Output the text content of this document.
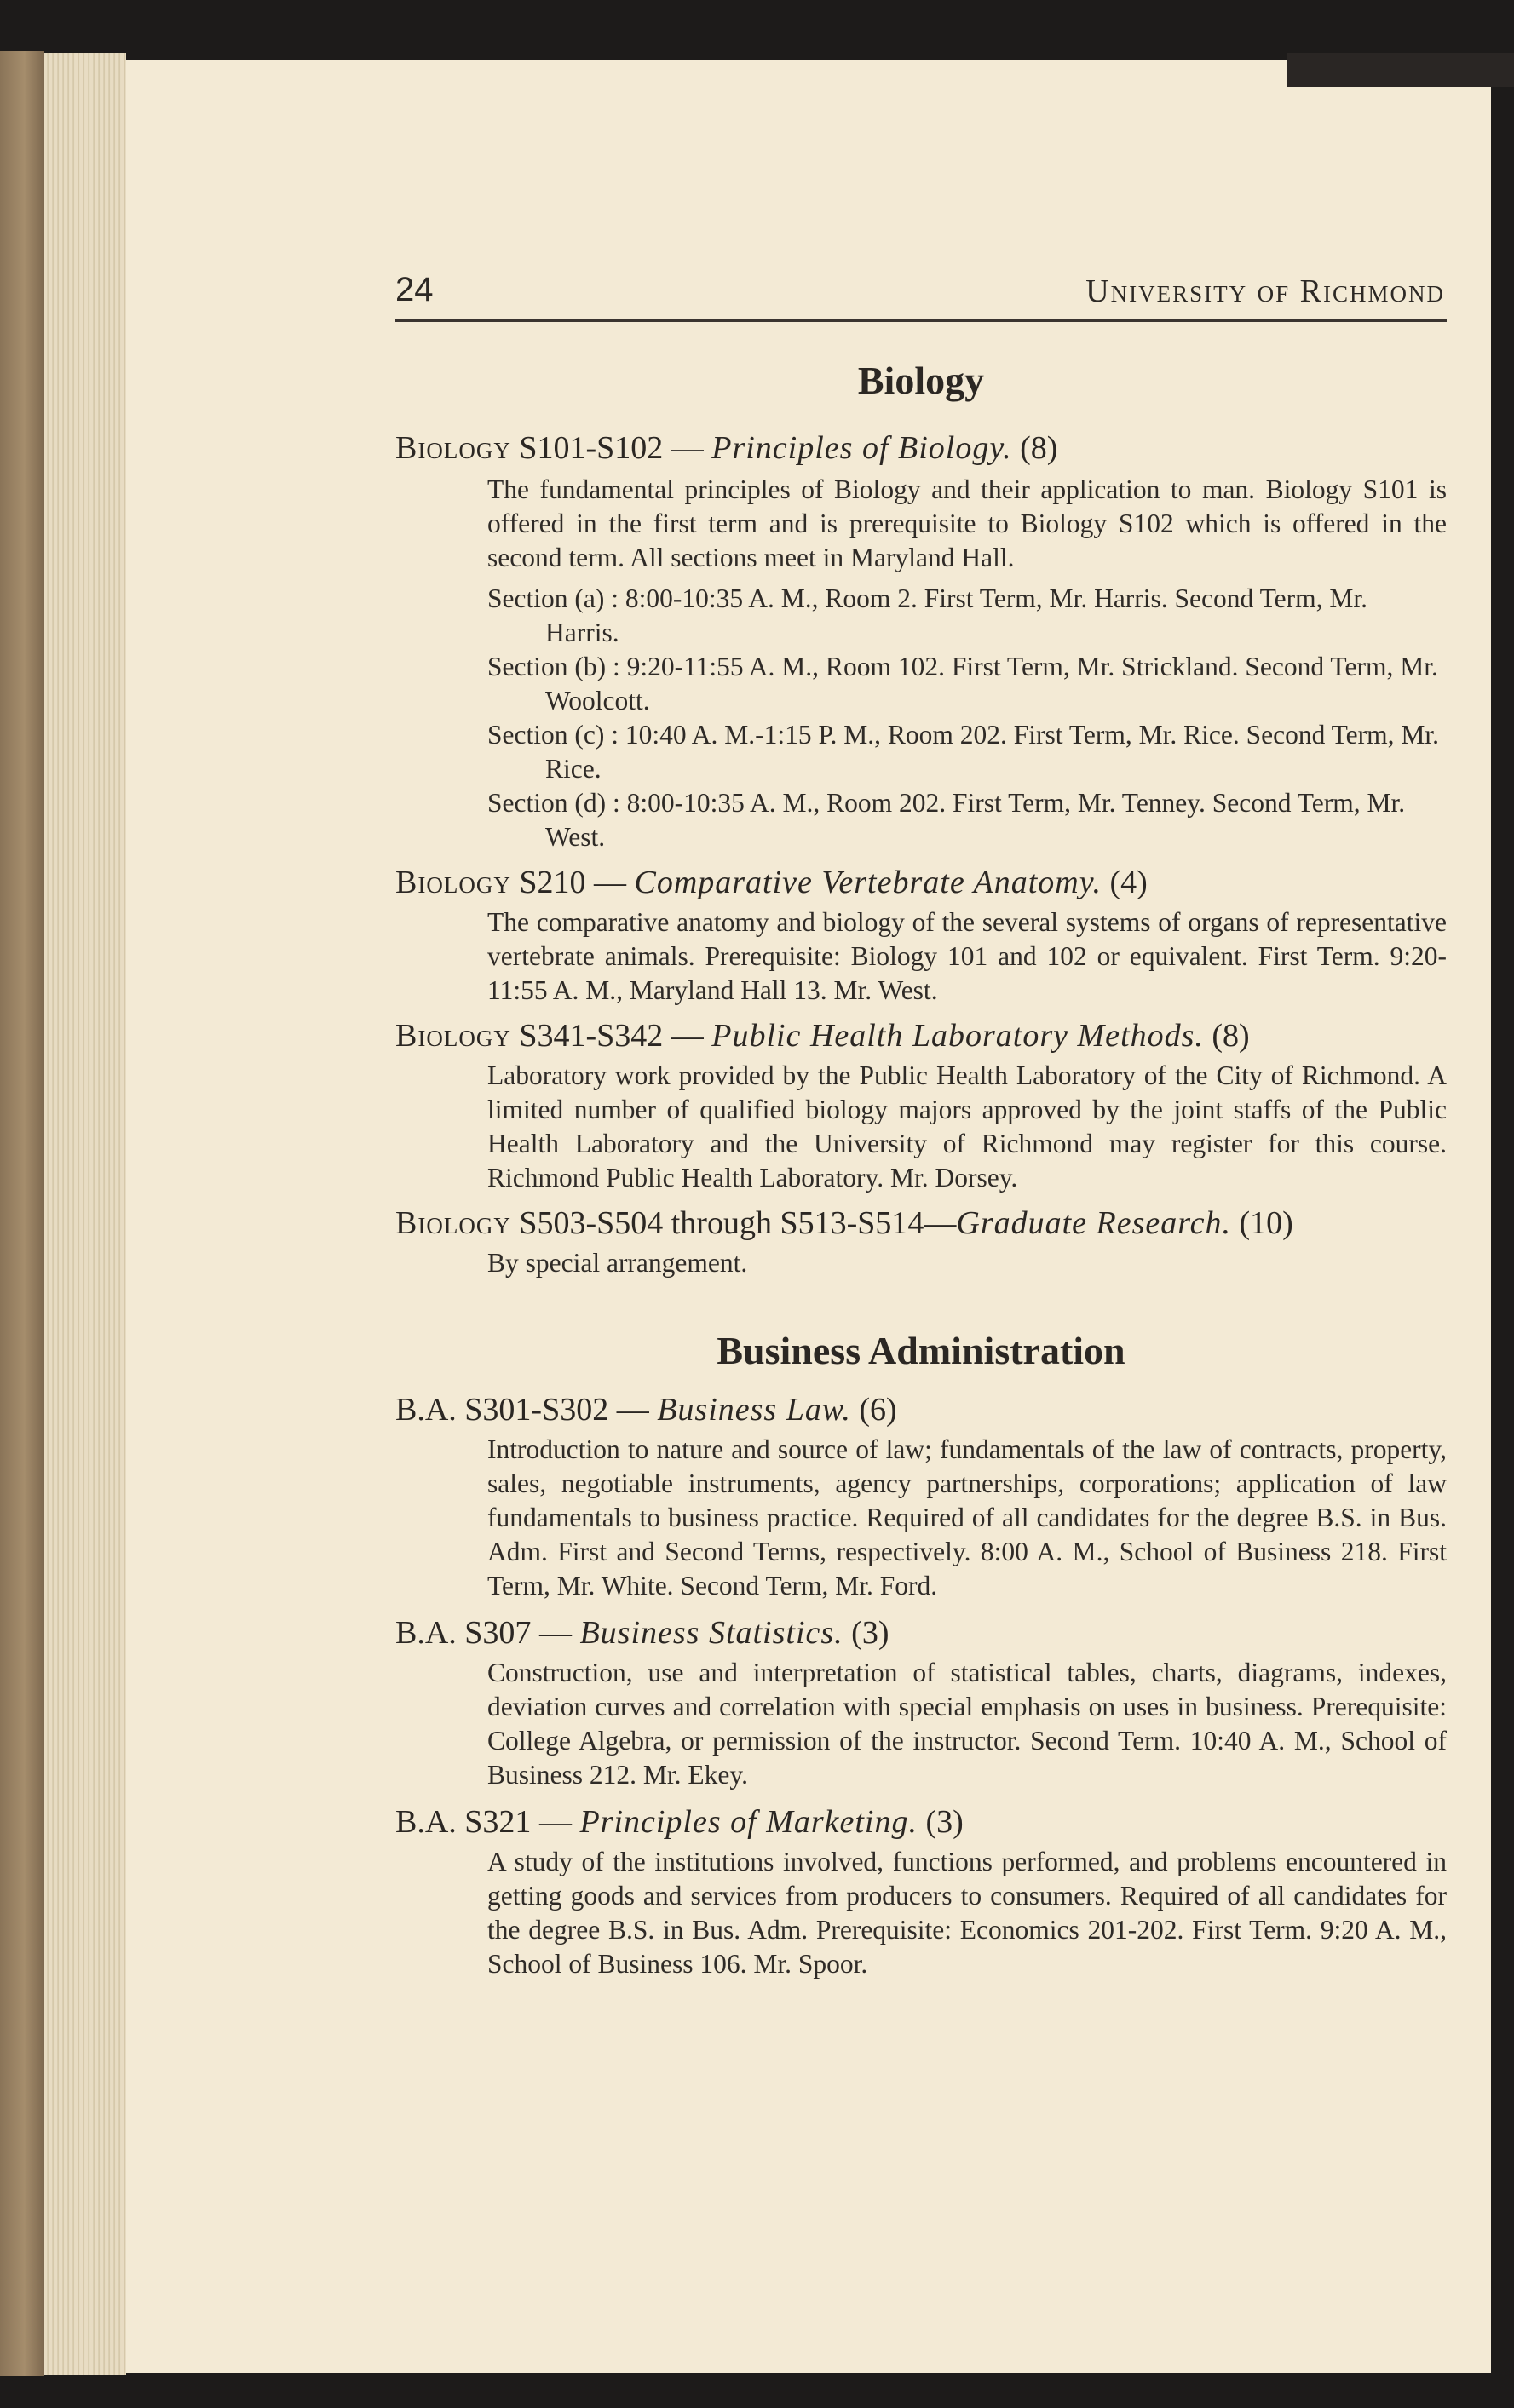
24	University of Richmond
Biology
Biology S101-S102 — Principles of Biology. (8)
The fundamental principles of Biology and their application to man. Biology S101 is offered in the first term and is prerequisite to Biology S102 which is offered in the second term. All sections meet in Maryland Hall.
Section (a) : 8:00-10:35 A. M., Room 2. First Term, Mr. Harris. Second Term, Mr. Harris.
Section (b) : 9:20-11:55 A. M., Room 102. First Term, Mr. Strickland. Second Term, Mr. Woolcott.
Section (c) : 10:40 A. M.-1:15 P. M., Room 202. First Term, Mr. Rice. Second Term, Mr. Rice.
Section (d) : 8:00-10:35 A. M., Room 202. First Term, Mr. Tenney. Second Term, Mr. West.
Biology S210 — Comparative Vertebrate Anatomy. (4)
The comparative anatomy and biology of the several systems of organs of representative vertebrate animals. Prerequisite: Biology 101 and 102 or equivalent. First Term. 9:20-11:55 A. M., Maryland Hall 13. Mr. West.
Biology S341-S342 — Public Health Laboratory Methods. (8)
Laboratory work provided by the Public Health Laboratory of the City of Richmond. A limited number of qualified biology majors approved by the joint staffs of the Public Health Laboratory and the University of Richmond may register for this course. Richmond Public Health Laboratory. Mr. Dorsey.
Biology S503-S504 through S513-S514—Graduate Research. (10)
By special arrangement.
Business Administration
B.A. S301-S302 — Business Law. (6)
Introduction to nature and source of law; fundamentals of the law of contracts, property, sales, negotiable instruments, agency partnerships, corporations; application of law fundamentals to business practice. Required of all candidates for the degree B.S. in Bus. Adm. First and Second Terms, respectively. 8:00 A. M., School of Business 218. First Term, Mr. White. Second Term, Mr. Ford.
B.A. S307 — Business Statistics. (3)
Construction, use and interpretation of statistical tables, charts, diagrams, indexes, deviation curves and correlation with special emphasis on uses in business. Prerequisite: College Algebra, or permission of the instructor. Second Term. 10:40 A. M., School of Business 212. Mr. Ekey.
B.A. S321 — Principles of Marketing. (3)
A study of the institutions involved, functions performed, and problems encountered in getting goods and services from producers to consumers. Required of all candidates for the degree B.S. in Bus. Adm. Prerequisite: Economics 201-202. First Term. 9:20 A. M., School of Business 106. Mr. Spoor.
